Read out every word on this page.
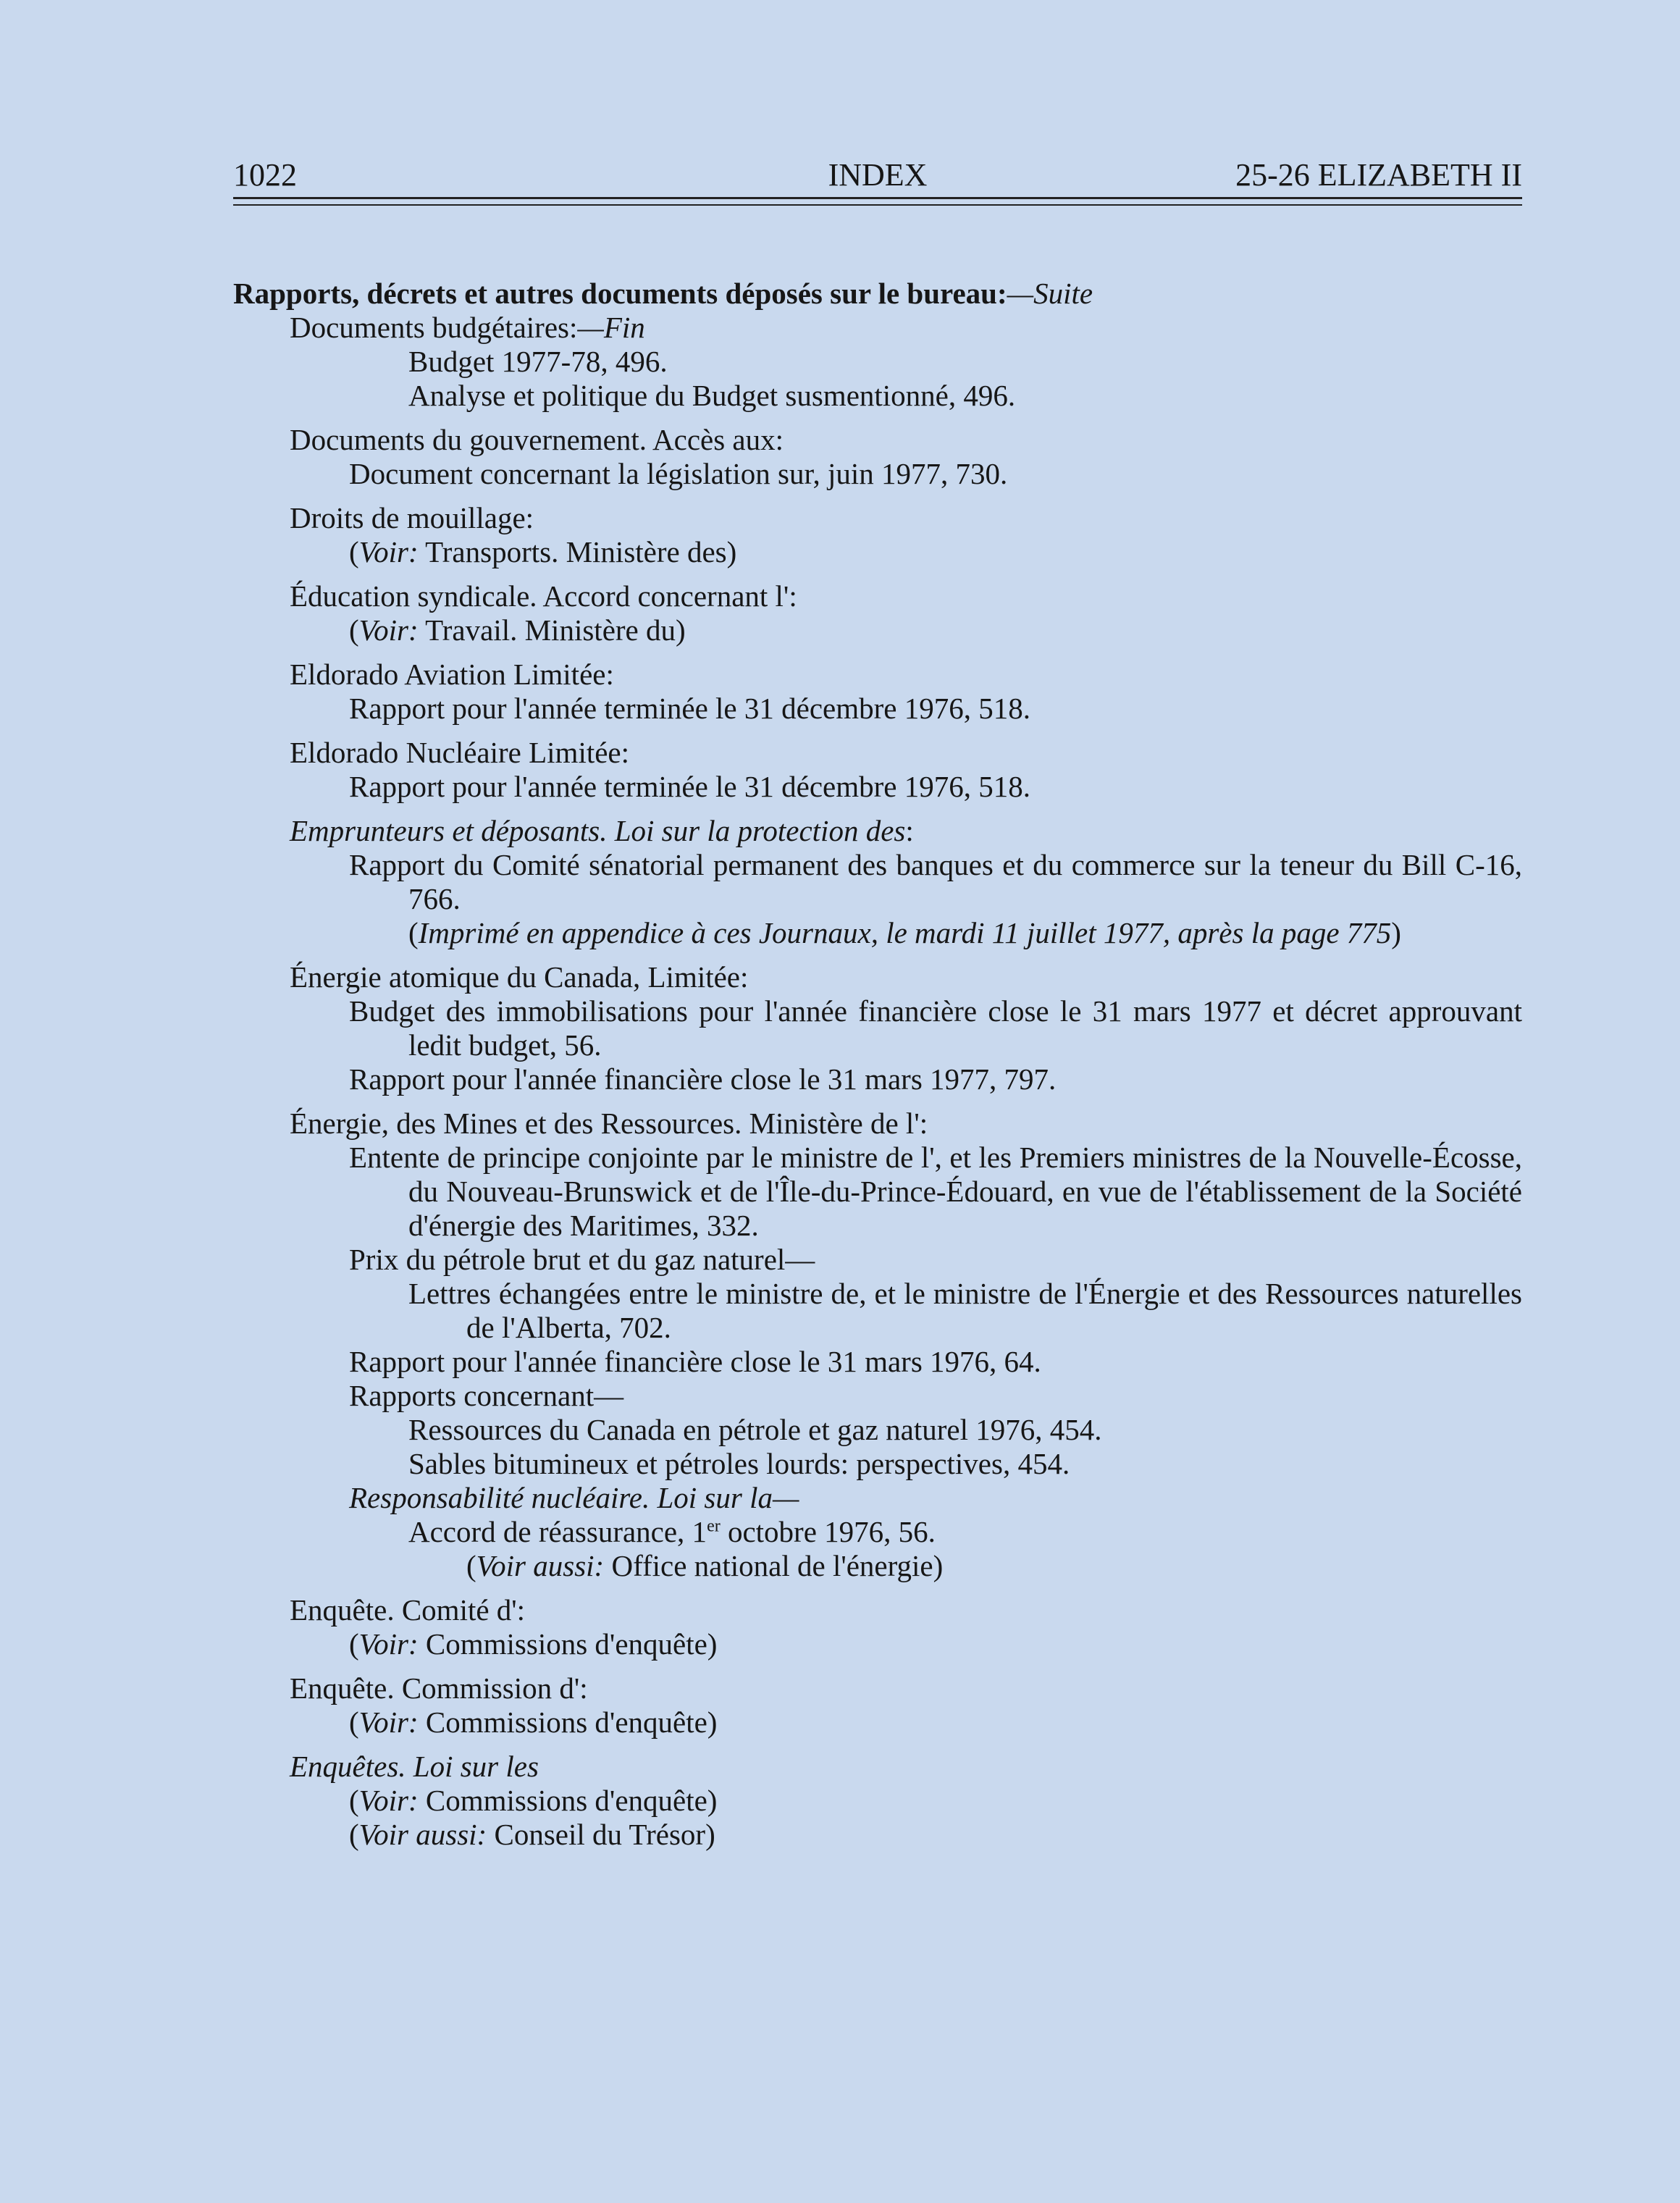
1022	INDEX	25-26 ELIZABETH II
Rapports, décrets et autres documents déposés sur le bureau:—Suite
Documents budgétaires:—Fin
Budget 1977-78, 496.
Analyse et politique du Budget susmentionné, 496.
Documents du gouvernement. Accès aux:
Document concernant la législation sur, juin 1977, 730.
Droits de mouillage:
(Voir: Transports. Ministère des)
Éducation syndicale. Accord concernant l':
(Voir: Travail. Ministère du)
Eldorado Aviation Limitée:
Rapport pour l'année terminée le 31 décembre 1976, 518.
Eldorado Nucléaire Limitée:
Rapport pour l'année terminée le 31 décembre 1976, 518.
Emprunteurs et déposants. Loi sur la protection des:
Rapport du Comité sénatorial permanent des banques et du commerce sur la teneur du Bill C-16, 766.
(Imprimé en appendice à ces Journaux, le mardi 11 juillet 1977, après la page 775)
Énergie atomique du Canada, Limitée:
Budget des immobilisations pour l'année financière close le 31 mars 1977 et décret approuvant ledit budget, 56.
Rapport pour l'année financière close le 31 mars 1977, 797.
Énergie, des Mines et des Ressources. Ministère de l':
Entente de principe conjointe par le ministre de l', et les Premiers ministres de la Nouvelle-Écosse, du Nouveau-Brunswick et de l'Île-du-Prince-Édouard, en vue de l'établissement de la Société d'énergie des Maritimes, 332.
Prix du pétrole brut et du gaz naturel—
Lettres échangées entre le ministre de, et le ministre de l'Énergie et des Ressources naturelles de l'Alberta, 702.
Rapport pour l'année financière close le 31 mars 1976, 64.
Rapports concernant—
Ressources du Canada en pétrole et gaz naturel 1976, 454.
Sables bitumineux et pétroles lourds: perspectives, 454.
Responsabilité nucléaire. Loi sur la—
Accord de réassurance, 1er octobre 1976, 56.
(Voir aussi: Office national de l'énergie)
Enquête. Comité d':
(Voir: Commissions d'enquête)
Enquête. Commission d':
(Voir: Commissions d'enquête)
Enquêtes. Loi sur les
(Voir: Commissions d'enquête)
(Voir aussi: Conseil du Trésor)
